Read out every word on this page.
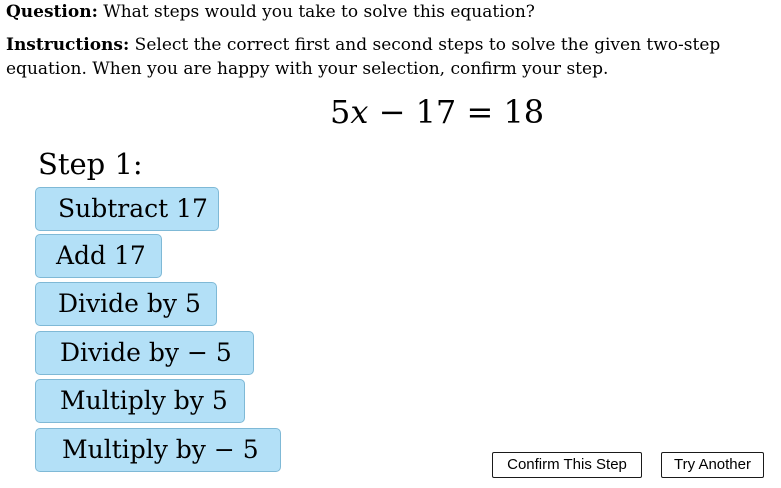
Question: What steps would you take to solve this equation?
Instructions: Select the correct first and second steps to solve the given two-step equation. When you are happy with your selection, confirm your step.
5x − 17 = 18
Step 1:
Subtract 17
Add 17
Divide by 5
Divide by − 5
Multiply by 5
Multiply by − 5
Confirm This Step	Try Another
